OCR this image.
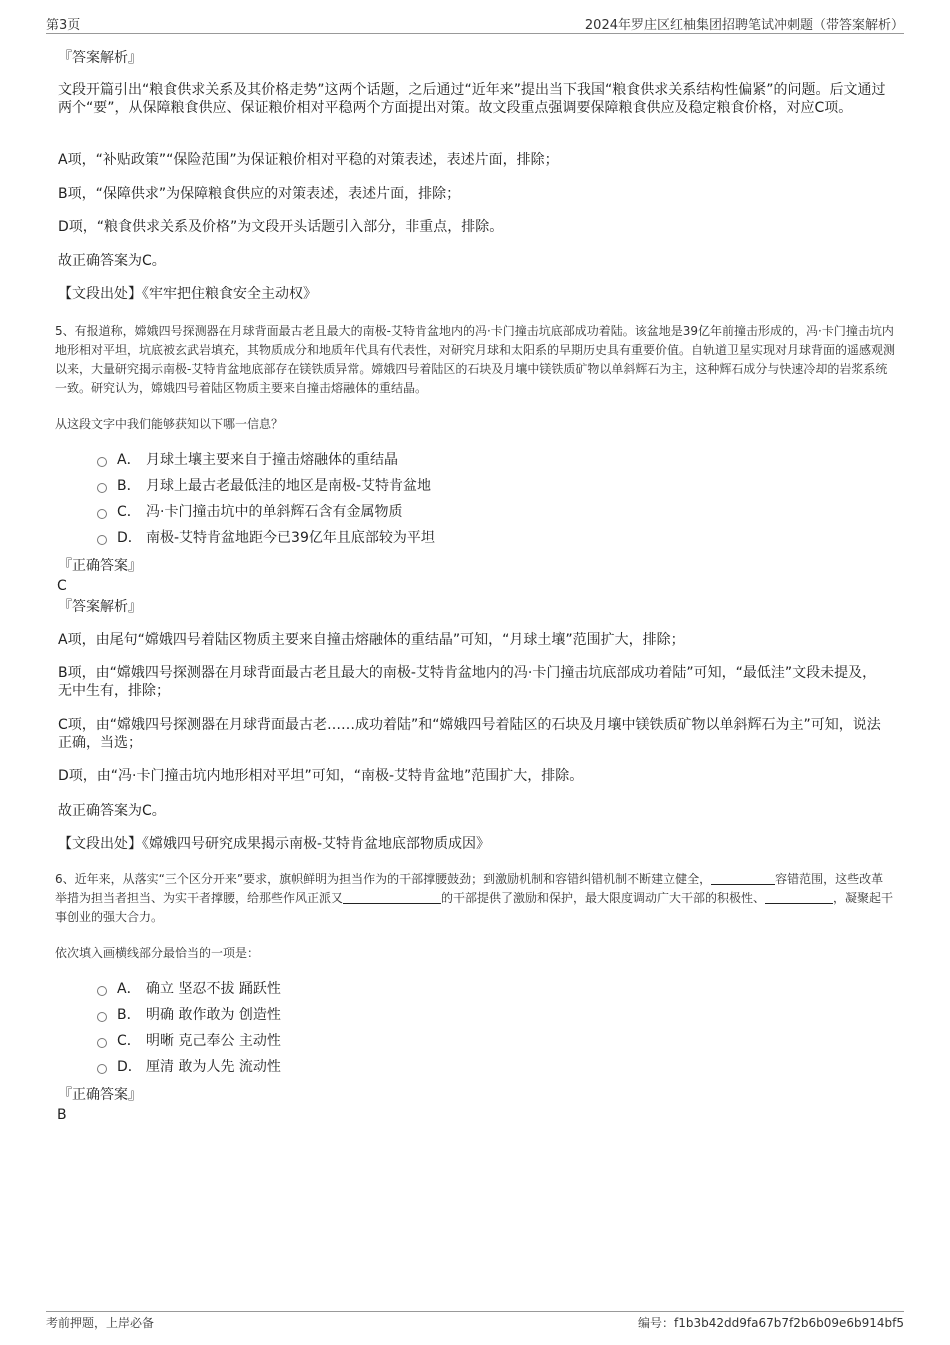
第3页	2024年罗庄区红柚集团招聘笔试冲刺题（带答案解析）
『答案解析』
文段开篇引出“粮食供求关系及其价格走势”这两个话题，之后通过“近年来”提出当下我国“粮食供求关系结构性偏紧”的问题。后文通过两个“要”，从保障粮食供应、保证粮价相对平稳两个方面提出对策。故文段重点强调要保障粮食供应及稳定粮食价格，对应C项。
A项，“补贴政策”“保险范围”为保证粮价相对平稳的对策表述，表述片面，排除；
B项，“保障供求”为保障粮食供应的对策表述，表述片面，排除；
D项，“粮食供求关系及价格”为文段开头话题引入部分，非重点，排除。
故正确答案为C。
【文段出处】《牢牢把住粮食安全主动权》
5、有报道称，嫦娥四号探测器在月球背面最古老且最大的南极-艾特肯盆地内的冯·卡门撞击坑底部成功着陆。该盆地是39亿年前撞击形成的，冯·卡门撞击坑内地形相对平坦，坑底被玄武岩填充，其物质成分和地质年代具有代表性，对研究月球和太阳系的早期历史具有重要价值。自轨道卫星实现对月球背面的遥感观测以来，大量研究揭示南极-艾特肯盆地底部存在镁铁质异常。嫦娥四号着陆区的石块及月壤中镁铁质矿物以单斜辉石为主，这种辉石成分与快速冷却的岩浆系统一致。研究认为，嫦娥四号着陆区物质主要来自撞击熔融体的重结晶。
从这段文字中我们能够获知以下哪一信息？
A． 月球土壤主要来自于撞击熔融体的重结晶
B． 月球上最古老最低洼的地区是南极-艾特肯盆地
C． 冯·卡门撞击坑中的单斜辉石含有金属物质
D． 南极-艾特肯盆地距今已39亿年且底部较为平坦
『正确答案』
C
『答案解析』
A项，由尾句“嫦娥四号着陆区物质主要来自撞击熔融体的重结晶”可知，“月球土壤”范围扩大，排除；
B项，由“嫦娥四号探测器在月球背面最古老且最大的南极-艾特肯盆地内的冯·卡门撞击坑底部成功着陆”可知，“最低洼”文段未提及，无中生有，排除；
C项，由“嫦娥四号探测器在月球背面最古老……成功着陆”和“嫦娥四号着陆区的石块及月壤中镁铁质矿物以单斜辉石为主”可知，说法正确，当选；
D项，由“冯·卡门撞击坑内地形相对平坦”可知，“南极-艾特肯盆地”范围扩大，排除。
故正确答案为C。
【文段出处】《嫦娥四号研究成果揭示南极-艾特肯盆地底部物质成因》
6、近年来，从落实“三个区分开来”要求，旗帜鲜明为担当作为的干部撑腰鼓劲；到激励机制和容错纠错机制不断建立健全，	容错范围，这些改革举措为担当者担当、为实干者撑腰，给那些作风正派又	的干部提供了激励和保护，最大限度调动广大干部的积极性、	，凝聚起干事创业的强大合力。
依次填入画横线部分最恰当的一项是：
A． 确立 坚忍不拔 踊跃性
B． 明确 敢作敢为 创造性
C． 明晰 克己奉公 主动性
D． 厘清 敢为人先 流动性
『正确答案』
B
考前押题，上岸必备	编号：f1b3b42dd9fa67b7f2b6b09e6b914bf5
